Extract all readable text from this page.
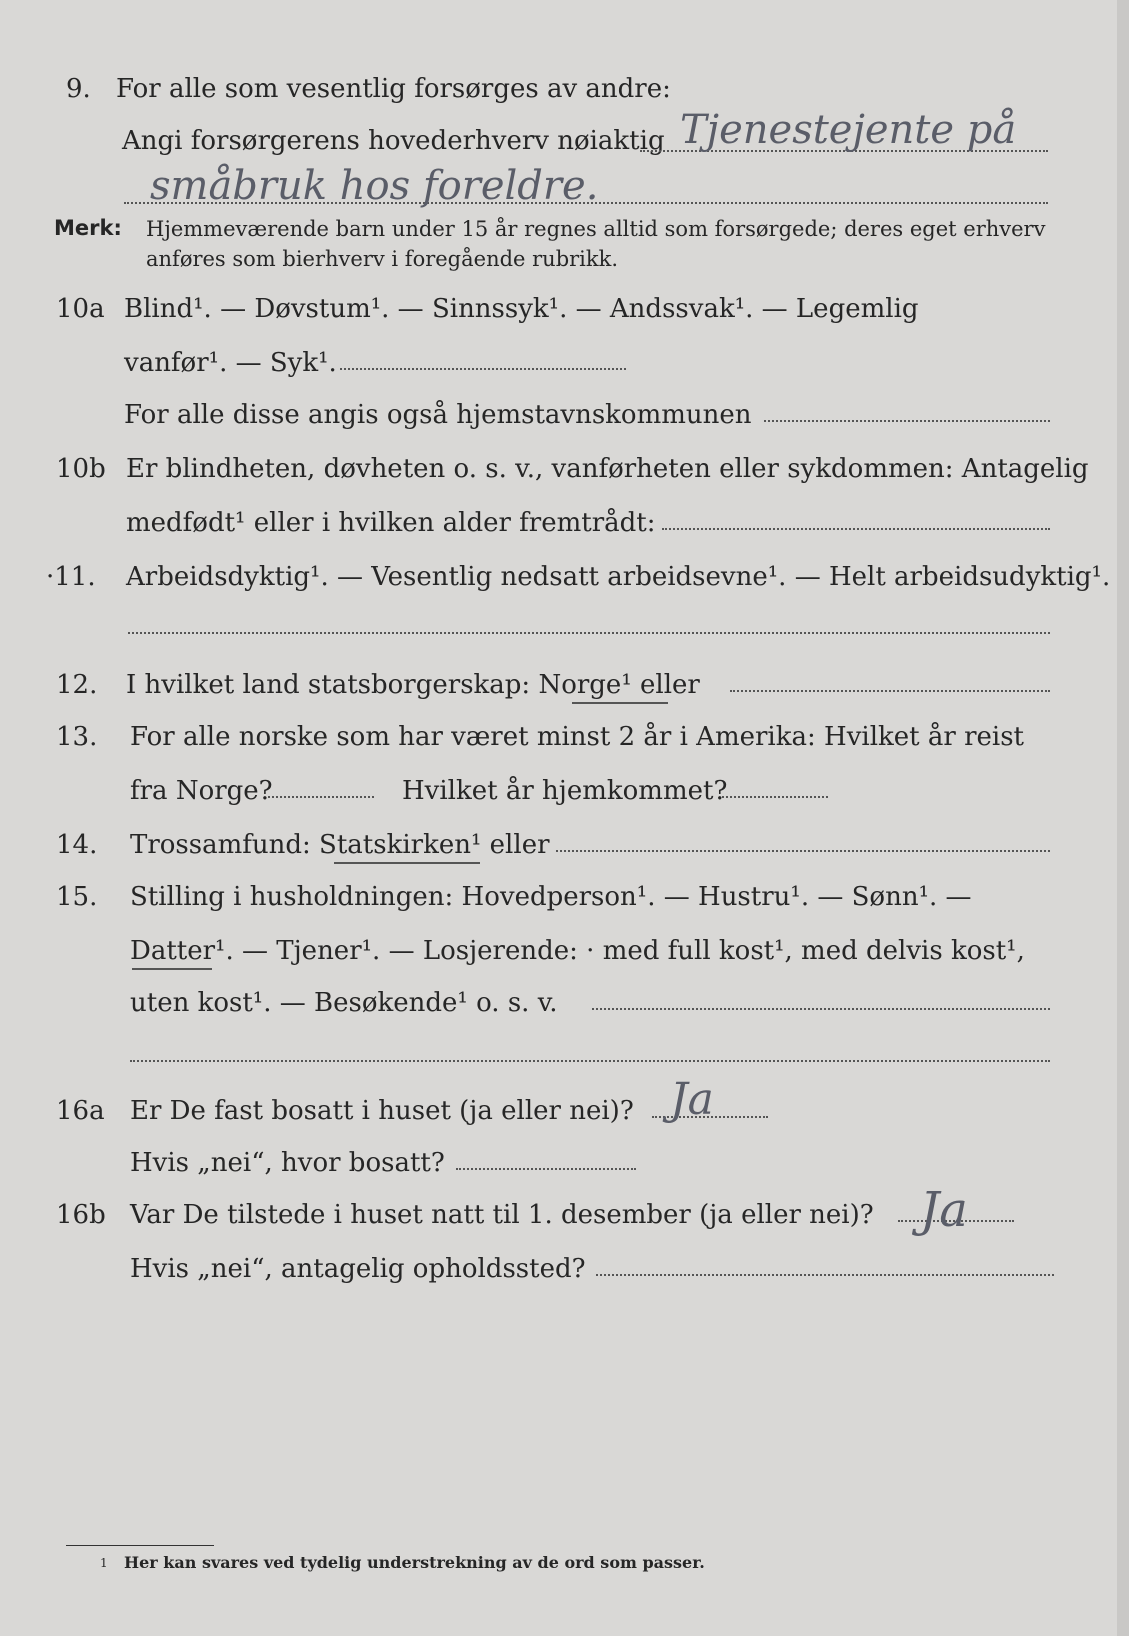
9. For alle som vesentlig forsørges av andre:
Angi forsørgerens hovederhverv nøiaktig Tjenestejente på
småbruk hos foreldre.
Merk: Hjemmeværende barn under 15 år regnes alltid som forsørgede; deres eget erhverv
anføres som bierhverv i foregående rubrikk.
10a Blind¹. — Døvstum¹. — Sinnssyk¹. — Andssvak¹. — Legemlig
vanfør¹. — Syk¹.
For alle disse angis også hjemstavnskommunen
10b Er blindheten, døvheten o. s. v., vanførheten eller sykdommen: Antagelig
medfødt¹ eller i hvilken alder fremtrådt:
·11. Arbeidsdyktig¹. — Vesentlig nedsatt arbeidsevne¹. — Helt arbeidsudyktig¹.
12. I hvilket land statsborgerskap: Norge¹ eller
13. For alle norske som har været minst 2 år i Amerika: Hvilket år reist
fra Norge?	Hvilket år hjemkommet?
14. Trossamfund: Statskirken¹ eller
15. Stilling i husholdningen: Hovedperson¹. — Hustru¹. — Sønn¹. —
Datter¹. — Tjener¹. — Losjerende: · med full kost¹, med delvis kost¹,
uten kost¹. — Besøkende¹ o. s. v.
16a Er De fast bosatt i huset (ja eller nei)? Ja
Hvis „nei“, hvor bosatt?
16b Var De tilstede i huset natt til 1. desember (ja eller nei)? Ja
Hvis „nei“, antagelig opholdssted?
1 Her kan svares ved tydelig understrekning av de ord som passer.
